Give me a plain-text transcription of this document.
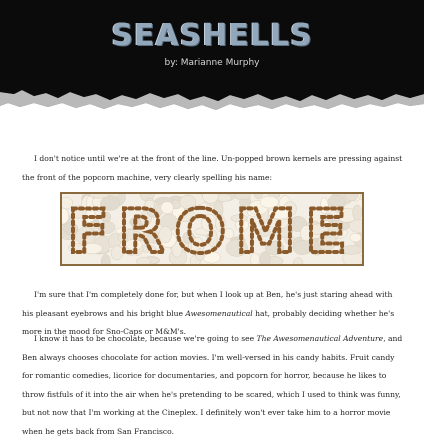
SEASHELLS
by: Marianne Murphy

I don't notice until we're at the front of the line. Un-popped brown kernels are pressing against the front of the popcorn machine, very clearly spelling his name:

FROME

I'm sure that I'm completely done for, but when I look up at Ben, he's just staring ahead with his pleasant eyebrows and his bright blue Awesomenautical hat, probably deciding whether he's more in the mood for Sno-Caps or M&M's.

I know it has to be chocolate, because we're going to see The Awesomenautical Adventure, and Ben always chooses chocolate for action movies. I'm well-versed in his candy habits. Fruit candy for romantic comedies, licorice for documentaries, and popcorn for horror, because he likes to throw fistfuls of it into the air when he's pretending to be scared, which I used to think was funny, but not now that I'm working at the Cineplex. I definitely won't ever take him to a horror movie when he gets back from San Francisco.
